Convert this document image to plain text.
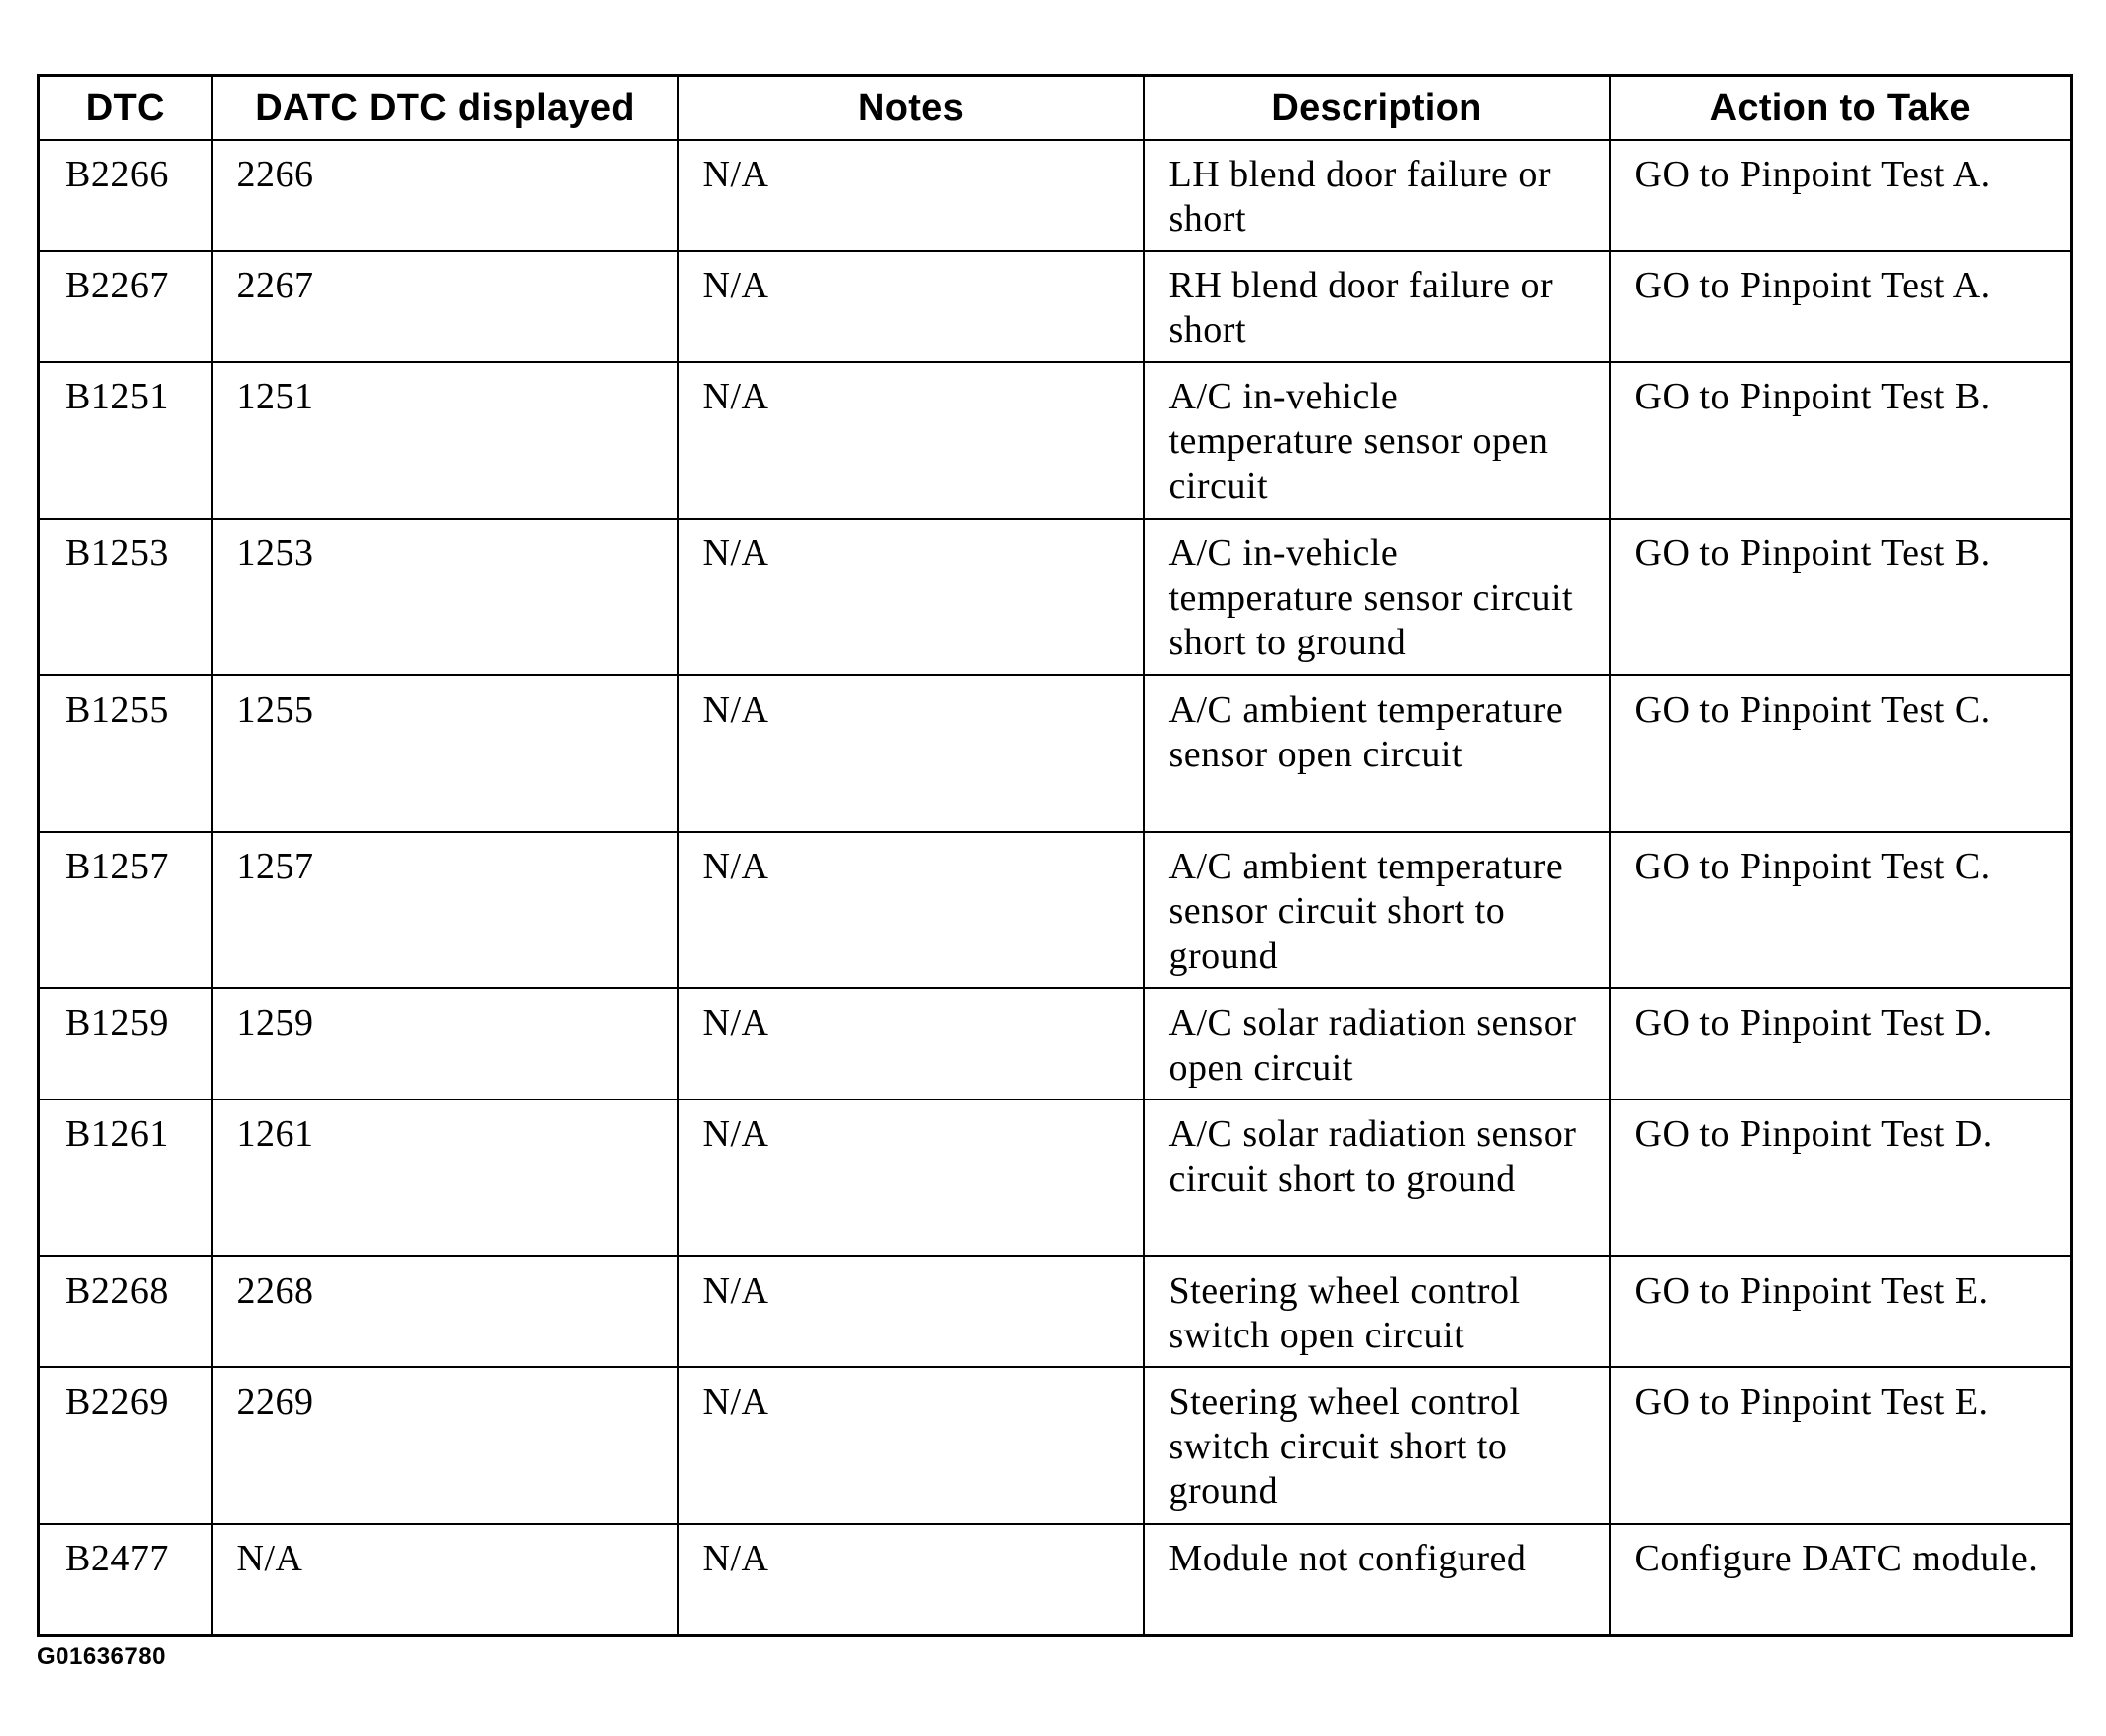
DTC	DATC DTC displayed	Notes	Description	Action to Take
B2266	2266	N/A	LH blend door failure or short	GO to Pinpoint Test A.
B2267	2267	N/A	RH blend door failure or short	GO to Pinpoint Test A.
B1251	1251	N/A	A/C in-vehicle temperature sensor open circuit	GO to Pinpoint Test B.
B1253	1253	N/A	A/C in-vehicle temperature sensor circuit short to ground	GO to Pinpoint Test B.
B1255	1255	N/A	A/C ambient temperature sensor open circuit	GO to Pinpoint Test C.
B1257	1257	N/A	A/C ambient temperature sensor circuit short to ground	GO to Pinpoint Test C.
B1259	1259	N/A	A/C solar radiation sensor open circuit	GO to Pinpoint Test D.
B1261	1261	N/A	A/C solar radiation sensor circuit short to ground	GO to Pinpoint Test D.
B2268	2268	N/A	Steering wheel control switch open circuit	GO to Pinpoint Test E.
B2269	2269	N/A	Steering wheel control switch circuit short to ground	GO to Pinpoint Test E.
B2477	N/A	N/A	Module not configured	Configure DATC module.
G01636780
